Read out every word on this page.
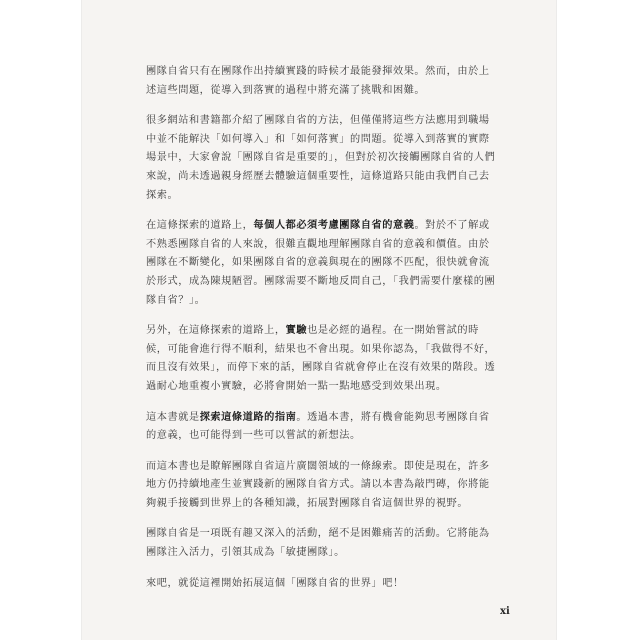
團隊自省只有在團隊作出持續實踐的時候才最能發揮效果。然而，由於上述這些問題，從導入到落實的過程中將充滿了挑戰和困難。

很多網站和書籍都介紹了團隊自省的方法，但僅僅將這些方法應用到職場中並不能解決「如何導入」和「如何落實」的問題。從導入到落實的實際場景中，大家會說「團隊自省是重要的」，但對於初次接觸團隊自省的人們來說，尚未透過親身經歷去體驗這個重要性，這條道路只能由我們自己去探索。

在這條探索的道路上，每個人都必須考慮團隊自省的意義。對於不了解或不熟悉團隊自省的人來說，很難直觀地理解團隊自省的意義和價值。由於團隊在不斷變化，如果團隊自省的意義與現在的團隊不匹配，很快就會流於形式，成為陳規陋習。團隊需要不斷地反問自己，「我們需要什麼樣的團隊自省？」。

另外，在這條探索的道路上，實驗也是必經的過程。在一開始嘗試的時候，可能會進行得不順利，結果也不會出現。如果你認為，「我做得不好，而且沒有效果」，而停下來的話，團隊自省就會停止在沒有效果的階段。透過耐心地重複小實驗，必將會開始一點一點地感受到效果出現。

這本書就是探索這條道路的指南。透過本書，將有機會能夠思考團隊自省的意義，也可能得到一些可以嘗試的新想法。

而這本書也是瞭解團隊自省這片廣闊領域的一條線索。即使是現在，許多地方仍持續地產生並實踐新的團隊自省方式。請以本書為敲門磚，你將能夠親手接觸到世界上的各種知識，拓展對團隊自省這個世界的視野。

團隊自省是一項既有趣又深入的活動，絕不是困難痛苦的活動。它將能為團隊注入活力，引領其成為「敏捷團隊」。

來吧，就從這裡開始拓展這個「團隊自省的世界」吧！

xi
